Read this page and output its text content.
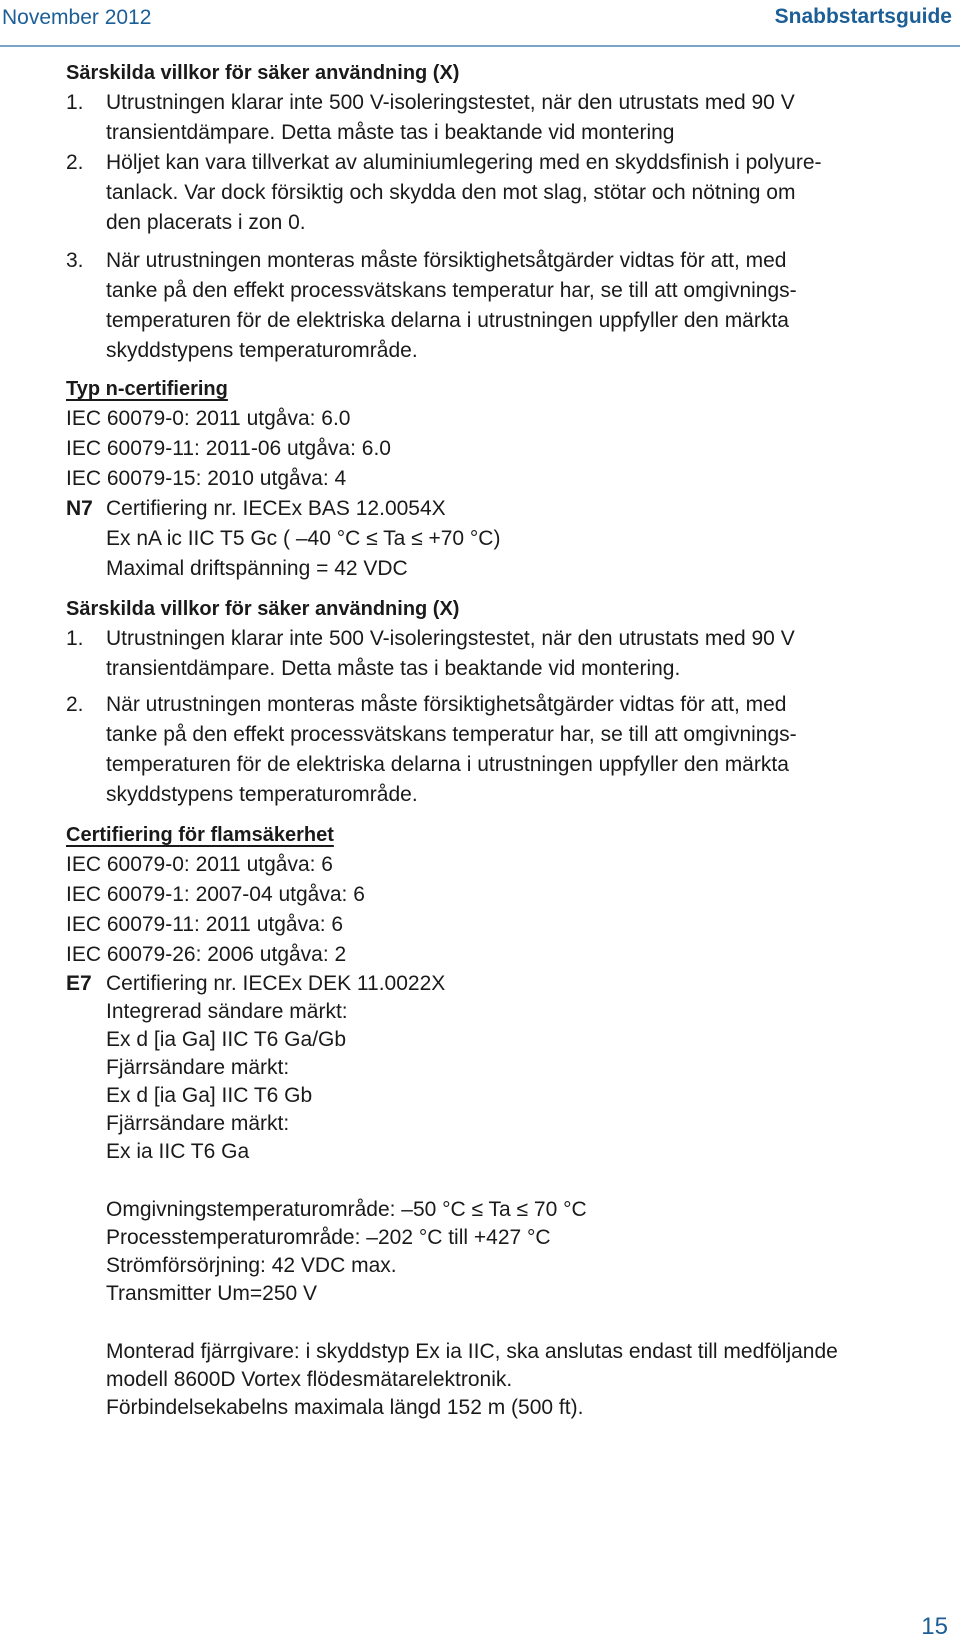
November 2012	Snabbstartsguide
Särskilda villkor för säker användning (X)
1. Utrustningen klarar inte 500 V-isoleringstestet, när den utrustats med 90 V
transientdämpare. Detta måste tas i beaktande vid montering
2. Höljet kan vara tillverkat av aluminiumlegering med en skyddsfinish i polyure-
tanlack. Var dock försiktig och skydda den mot slag, stötar och nötning om
den placerats i zon 0.
3. När utrustningen monteras måste försiktighetsåtgärder vidtas för att, med
tanke på den effekt processvätskans temperatur har, se till att omgivnings-
temperaturen för de elektriska delarna i utrustningen uppfyller den märkta
skyddstypens temperaturområde.
Typ n-certifiering
IEC 60079-0: 2011 utgåva: 6.0
IEC 60079-11: 2011-06 utgåva: 6.0
IEC 60079-15: 2010 utgåva: 4
N7 Certifiering nr. IECEx BAS 12.0054X
Ex nA ic IIC T5 Gc ( –40 °C ≤ Ta ≤ +70 °C)
Maximal driftspänning = 42 VDC
Särskilda villkor för säker användning (X)
1. Utrustningen klarar inte 500 V-isoleringstestet, när den utrustats med 90 V
transientdämpare. Detta måste tas i beaktande vid montering.
2. När utrustningen monteras måste försiktighetsåtgärder vidtas för att, med
tanke på den effekt processvätskans temperatur har, se till att omgivnings-
temperaturen för de elektriska delarna i utrustningen uppfyller den märkta
skyddstypens temperaturområde.
Certifiering för flamsäkerhet
IEC 60079-0: 2011 utgåva: 6
IEC 60079-1: 2007-04 utgåva: 6
IEC 60079-11: 2011 utgåva: 6
IEC 60079-26: 2006 utgåva: 2
E7 Certifiering nr. IECEx DEK 11.0022X
Integrerad sändare märkt:
Ex d [ia Ga] IIC T6 Ga/Gb
Fjärrsändare märkt:
Ex d [ia Ga] IIC T6 Gb
Fjärrsändare märkt:
Ex ia IIC T6 Ga
Omgivningstemperaturområde: –50 °C ≤ Ta ≤ 70 °C
Processtemperaturområde: –202 °C till +427 °C
Strömförsörjning: 42 VDC max.
Transmitter Um=250 V
Monterad fjärrgivare: i skyddstyp Ex ia IIC, ska anslutas endast till medföljande
modell 8600D Vortex flödesmätarelektronik.
Förbindelsekabelns maximala längd 152 m (500 ft).
15
